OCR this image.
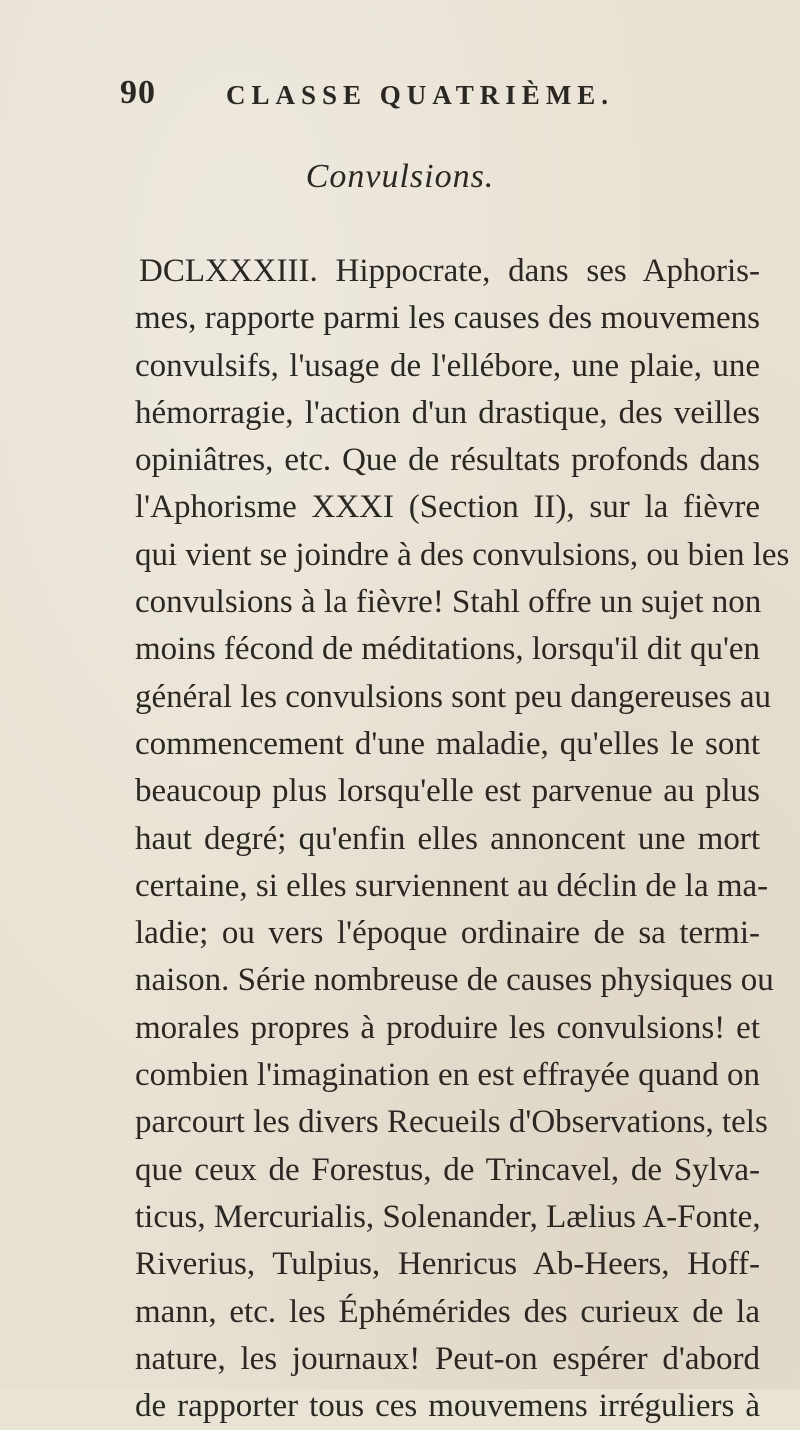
90	CLASSE QUATRIÈME.
Convulsions.
DCLXXXIII. Hippocrate, dans ses Aphoris-
mes, rapporte parmi les causes des mouvemens
convulsifs, l'usage de l'ellébore, une plaie, une
hémorragie, l'action d'un drastique, des veilles
opiniâtres, etc. Que de résultats profonds dans
l'Aphorisme XXXI (Section II), sur la fièvre
qui vient se joindre à des convulsions, ou bien les
convulsions à la fièvre! Stahl offre un sujet non
moins fécond de méditations, lorsqu'il dit qu'en
général les convulsions sont peu dangereuses au
commencement d'une maladie, qu'elles le sont
beaucoup plus lorsqu'elle est parvenue au plus
haut degré; qu'enfin elles annoncent une mort
certaine, si elles surviennent au déclin de la ma-
ladie; ou vers l'époque ordinaire de sa termi-
naison. Série nombreuse de causes physiques ou
morales propres à produire les convulsions! et
combien l'imagination en est effrayée quand on
parcourt les divers Recueils d'Observations, tels
que ceux de Forestus, de Trincavel, de Sylva-
ticus, Mercurialis, Solenander, Lælius A-Fonte,
Riverius, Tulpius, Henricus Ab-Heers, Hoff-
mann, etc. les Éphémérides des curieux de la
nature, les journaux! Peut-on espérer d'abord
de rapporter tous ces mouvemens irréguliers à
